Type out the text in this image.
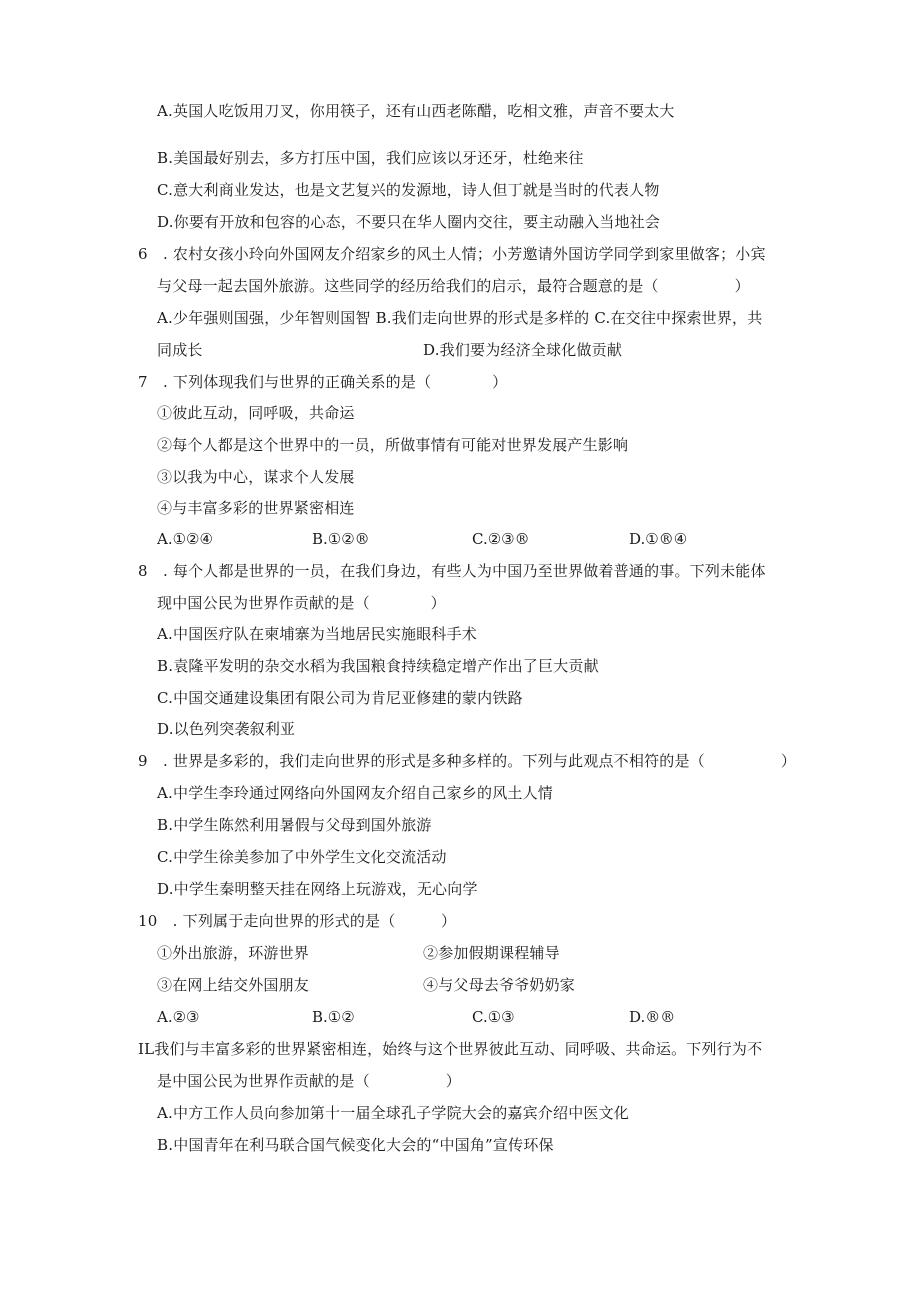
A.英国人吃饭用刀叉，你用筷子，还有山西老陈醋，吃相文雅，声音不要太大
B.美国最好别去，多方打压中国，我们应该以牙还牙，杜绝来往
C.意大利商业发达，也是文艺复兴的发源地，诗人但丁就是当时的代表人物
D.你要有开放和包容的心态，不要只在华人圈内交往，要主动融入当地社会
6 . 农村女孩小玲向外国网友介绍家乡的风土人情；小芳邀请外国访学同学到家里做客；小宾
与父母一起去国外旅游。这些同学的经历给我们的启示，最符合题意的是（     ）
A.少年强则国强，少年智则国智 B.我们走向世界的形式是多样的 C.在交往中探索世界，共
同成长	D.我们要为经济全球化做贡献
7 . 下列体现我们与世界的正确关系的是（    ）
①彼此互动，同呼吸，共命运
②每个人都是这个世界中的一员，所做事情有可能对世界发展产生影响
③以我为中心，谋求个人发展
④与丰富多彩的世界紧密相连
A.①②④	B.①②®	C.②③®	D.①®④
8 . 每个人都是世界的一员，在我们身边，有些人为中国乃至世界做着普通的事。下列未能体
现中国公民为世界作贡献的是（    ）
A.中国医疗队在柬埔寨为当地居民实施眼科手术
B.袁隆平发明的杂交水稻为我国粮食持续稳定增产作出了巨大贡献
C.中国交通建设集团有限公司为肯尼亚修建的蒙内铁路
D.以色列突袭叙利亚
9 . 世界是多彩的，我们走向世界的形式是多种多样的。下列与此观点不相符的是（     ）
A.中学生李玲通过网络向外国网友介绍自己家乡的风土人情
B.中学生陈然利用暑假与父母到国外旅游
C.中学生徐美参加了中外学生文化交流活动
D.中学生秦明整天挂在网络上玩游戏，无心向学
10 . 下列属于走向世界的形式的是（   ）
①外出旅游，环游世界	②参加假期课程辅导
③在网上结交外国朋友	④与父母去爷爷奶奶家
A.②③	B.①②	C.①③	D.®®
IL我们与丰富多彩的世界紧密相连，始终与这个世界彼此互动、同呼吸、共命运。下列行为不
是中国公民为世界作贡献的是（     ）
A.中方工作人员向参加第十一届全球孔子学院大会的嘉宾介绍中医文化
B.中国青年在利马联合国气候变化大会的“中国角”宣传环保
